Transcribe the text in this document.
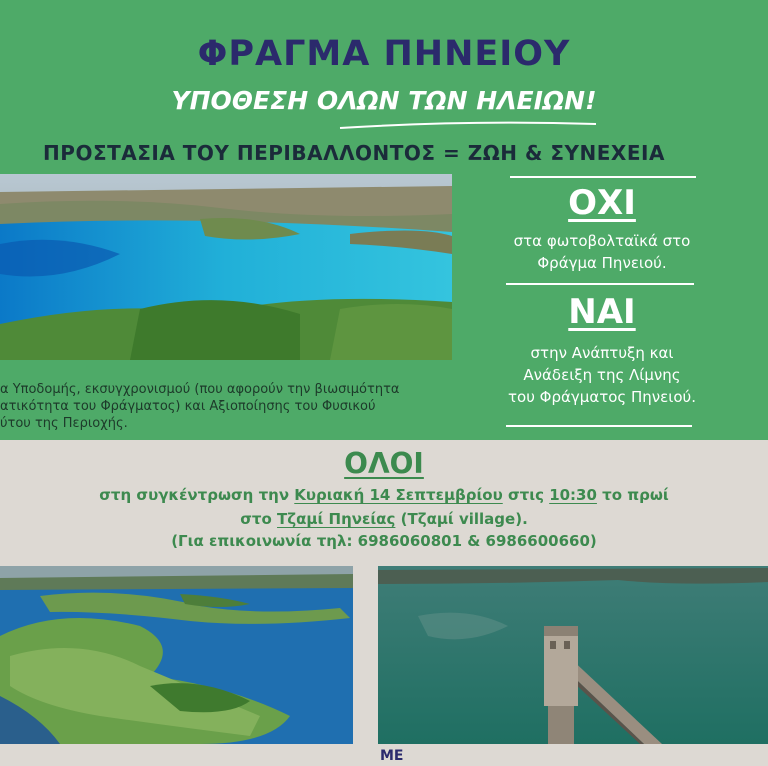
ΦΡΑΓΜΑ ΠΗΝΕΙΟΥ
ΥΠΟΘΕΣΗ ΟΛΩΝ ΤΩΝ ΗΛΕΙΩΝ!
ΠΡΟΣΤΑΣΙΑ ΤΟΥ ΠΕΡΙΒΑΛΛΟΝΤΟΣ = ΖΩΗ & ΣΥΝΕΧΕΙΑ
α Υποδομής, εκσυγχρονισμού (που αφορούν την βιωσιμότητα
ατικότητα του Φράγματος) και Αξιοποίησης του Φυσικού
ύτου της Περιοχής.
ΟΧΙ
στα φωτοβολταϊκά στο
Φράγμα Πηνειού.
ΝΑΙ
στην Ανάπτυξη και
Ανάδειξη της Λίμνης
του Φράγματος Πηνειού.
ΟΛΟΙ
στη συγκέντρωση την Κυριακή 14 Σεπτεμβρίου στις 10:30 το πρωί
στο Τζαμί Πηνείας (Τζαμί village).
(Για επικοινωνία τηλ: 6986060801 & 6986600660)
ΜΕ
